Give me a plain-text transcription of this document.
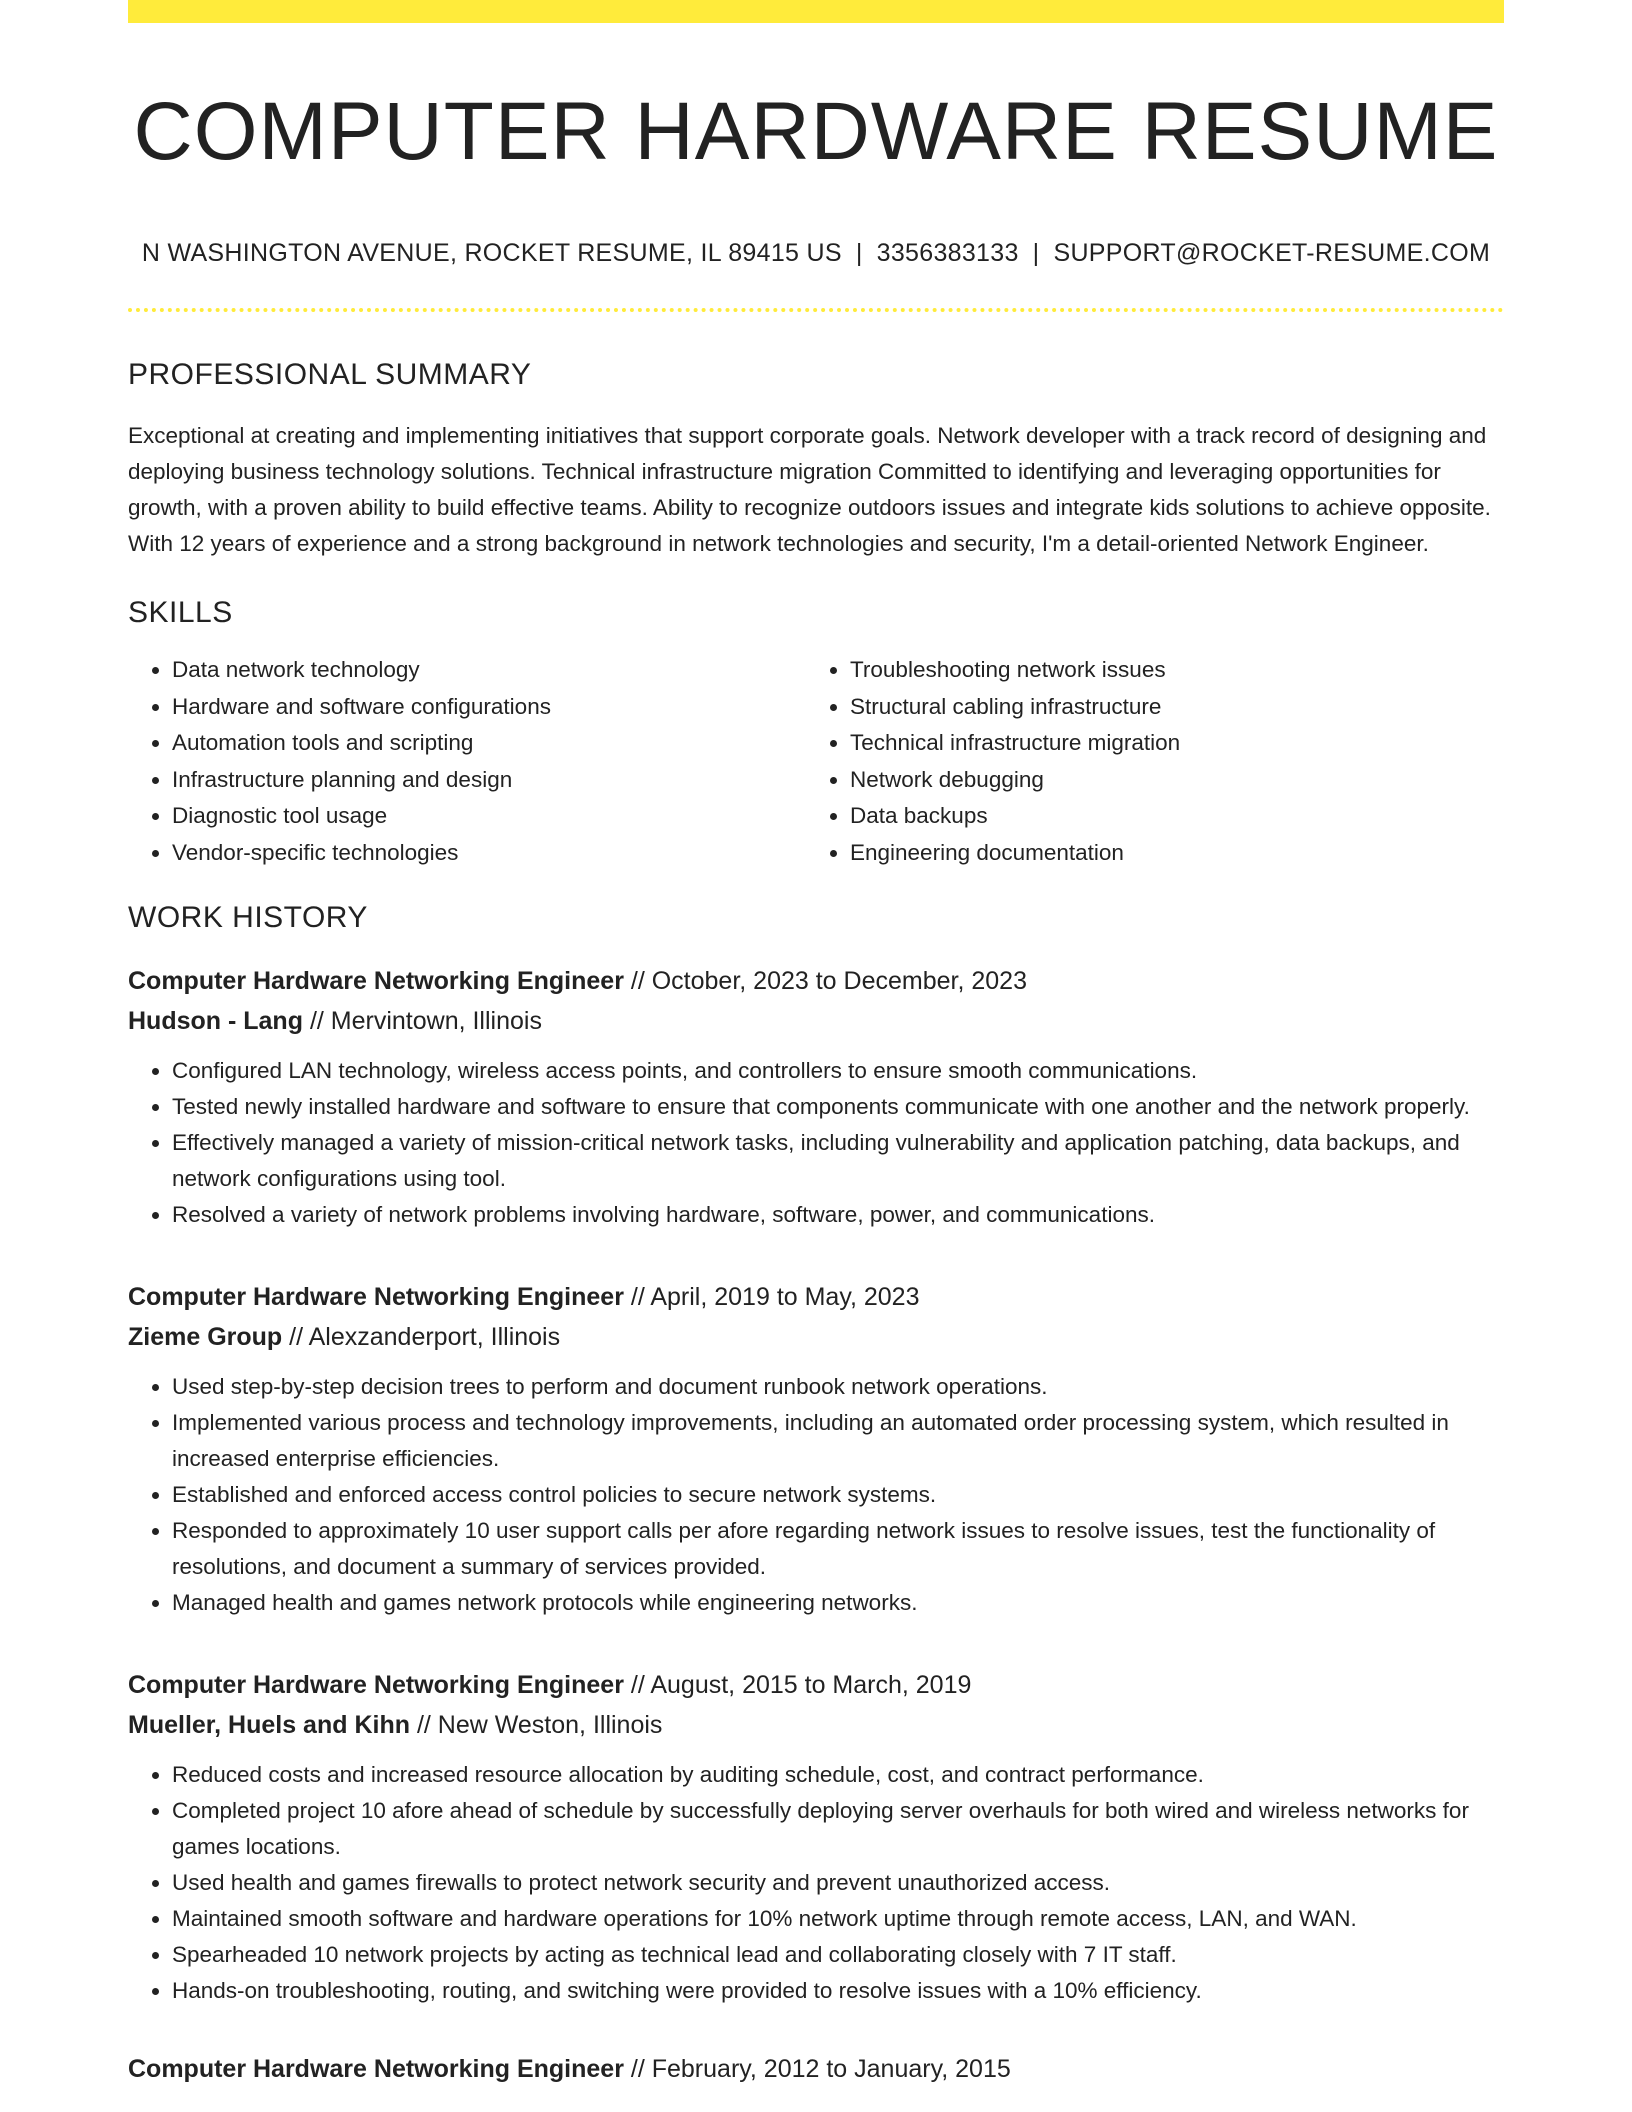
COMPUTER HARDWARE RESUME
N WASHINGTON AVENUE, ROCKET RESUME, IL 89415 US | 3356383133 | SUPPORT@ROCKET-RESUME.COM
PROFESSIONAL SUMMARY
Exceptional at creating and implementing initiatives that support corporate goals. Network developer with a track record of designing and deploying business technology solutions. Technical infrastructure migration Committed to identifying and leveraging opportunities for growth, with a proven ability to build effective teams. Ability to recognize outdoors issues and integrate kids solutions to achieve opposite. With 12 years of experience and a strong background in network technologies and security, I'm a detail-oriented Network Engineer.
SKILLS
• Data network technology
• Hardware and software configurations
• Automation tools and scripting
• Infrastructure planning and design
• Diagnostic tool usage
• Vendor-specific technologies
• Troubleshooting network issues
• Structural cabling infrastructure
• Technical infrastructure migration
• Network debugging
• Data backups
• Engineering documentation
WORK HISTORY
Computer Hardware Networking Engineer // October, 2023 to December, 2023
Hudson - Lang // Mervintown, Illinois
• Configured LAN technology, wireless access points, and controllers to ensure smooth communications.
• Tested newly installed hardware and software to ensure that components communicate with one another and the network properly.
• Effectively managed a variety of mission-critical network tasks, including vulnerability and application patching, data backups, and network configurations using tool.
• Resolved a variety of network problems involving hardware, software, power, and communications.
Computer Hardware Networking Engineer // April, 2019 to May, 2023
Zieme Group // Alexzanderport, Illinois
• Used step-by-step decision trees to perform and document runbook network operations.
• Implemented various process and technology improvements, including an automated order processing system, which resulted in increased enterprise efficiencies.
• Established and enforced access control policies to secure network systems.
• Responded to approximately 10 user support calls per afore regarding network issues to resolve issues, test the functionality of resolutions, and document a summary of services provided.
• Managed health and games network protocols while engineering networks.
Computer Hardware Networking Engineer // August, 2015 to March, 2019
Mueller, Huels and Kihn // New Weston, Illinois
• Reduced costs and increased resource allocation by auditing schedule, cost, and contract performance.
• Completed project 10 afore ahead of schedule by successfully deploying server overhauls for both wired and wireless networks for games locations.
• Used health and games firewalls to protect network security and prevent unauthorized access.
• Maintained smooth software and hardware operations for 10% network uptime through remote access, LAN, and WAN.
• Spearheaded 10 network projects by acting as technical lead and collaborating closely with 7 IT staff.
• Hands-on troubleshooting, routing, and switching were provided to resolve issues with a 10% efficiency.
Computer Hardware Networking Engineer // February, 2012 to January, 2015
